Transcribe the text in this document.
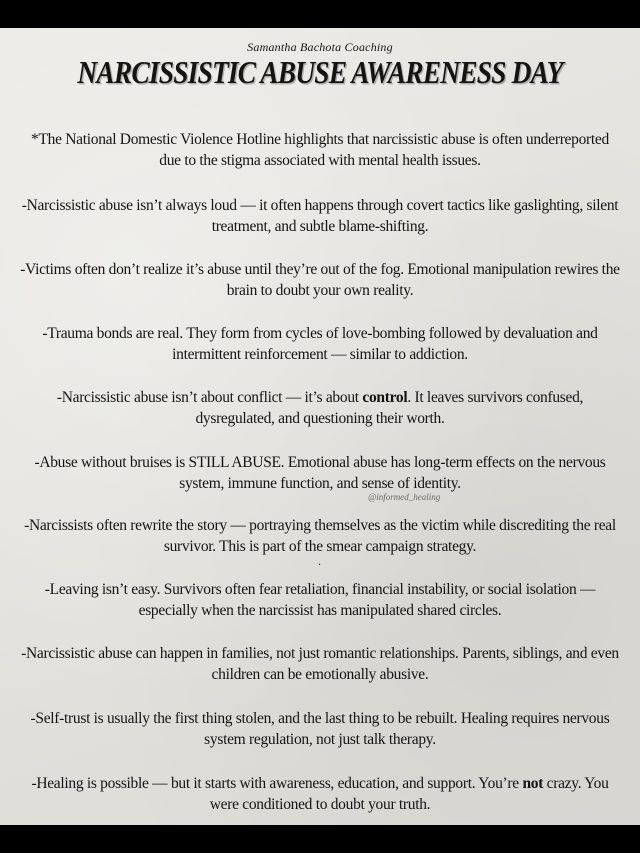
Samantha Bachota Coaching
NARCISSISTIC ABUSE AWARENESS DAY
*The National Domestic Violence Hotline highlights that narcissistic abuse is often underreported due to the stigma associated with mental health issues.
-Narcissistic abuse isn’t always loud — it often happens through covert tactics like gaslighting, silent treatment, and subtle blame-shifting.
-Victims often don’t realize it’s abuse until they’re out of the fog. Emotional manipulation rewires the brain to doubt your own reality.
-Trauma bonds are real. They form from cycles of love-bombing followed by devaluation and intermittent reinforcement — similar to addiction.
-Narcissistic abuse isn’t about conflict — it’s about control. It leaves survivors confused, dysregulated, and questioning their worth.
-Abuse without bruises is STILL ABUSE. Emotional abuse has long-term effects on the nervous system, immune function, and sense of identity.
@informed_healing
-Narcissists often rewrite the story — portraying themselves as the victim while discrediting the real survivor. This is part of the smear campaign strategy.
.
-Leaving isn’t easy. Survivors often fear retaliation, financial instability, or social isolation — especially when the narcissist has manipulated shared circles.
-Narcissistic abuse can happen in families, not just romantic relationships. Parents, siblings, and even children can be emotionally abusive.
-Self-trust is usually the first thing stolen, and the last thing to be rebuilt. Healing requires nervous system regulation, not just talk therapy.
-Healing is possible — but it starts with awareness, education, and support. You’re not crazy. You were conditioned to doubt your truth.
